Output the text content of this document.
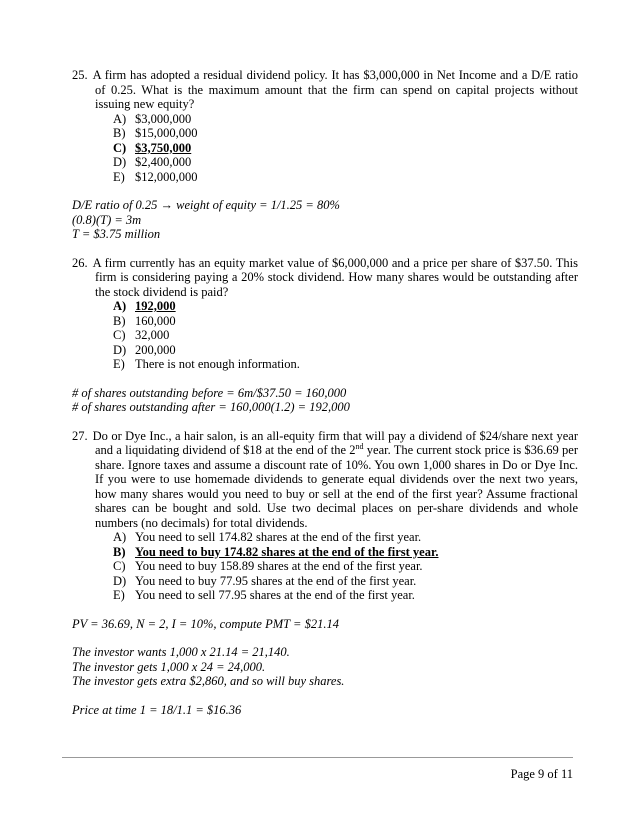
25. A firm has adopted a residual dividend policy. It has $3,000,000 in Net Income and a D/E ratio of 0.25. What is the maximum amount that the firm can spend on capital projects without issuing new equity?
A) $3,000,000
B) $15,000,000
C) $3,750,000
D) $2,400,000
E) $12,000,000
D/E ratio of 0.25 → weight of equity = 1/1.25 = 80%
(0.8)(T) = 3m
T = $3.75 million
26. A firm currently has an equity market value of $6,000,000 and a price per share of $37.50. This firm is considering paying a 20% stock dividend. How many shares would be outstanding after the stock dividend is paid?
A) 192,000
B) 160,000
C) 32,000
D) 200,000
E) There is not enough information.
# of shares outstanding before = 6m/$37.50 = 160,000
# of shares outstanding after = 160,000(1.2) = 192,000
27. Do or Dye Inc., a hair salon, is an all-equity firm that will pay a dividend of $24/share next year and a liquidating dividend of $18 at the end of the 2nd year. The current stock price is $36.69 per share. Ignore taxes and assume a discount rate of 10%. You own 1,000 shares in Do or Dye Inc. If you were to use homemade dividends to generate equal dividends over the next two years, how many shares would you need to buy or sell at the end of the first year? Assume fractional shares can be bought and sold. Use two decimal places on per-share dividends and whole numbers (no decimals) for total dividends.
A) You need to sell 174.82 shares at the end of the first year.
B) You need to buy 174.82 shares at the end of the first year.
C) You need to buy 158.89 shares at the end of the first year.
D) You need to buy 77.95 shares at the end of the first year.
E) You need to sell 77.95 shares at the end of the first year.
PV = 36.69, N = 2, I = 10%, compute PMT = $21.14
The investor wants 1,000 x 21.14 = 21,140.
The investor gets 1,000 x 24 = 24,000.
The investor gets extra $2,860, and so will buy shares.
Price at time 1 = 18/1.1 = $16.36
Page 9 of 11
